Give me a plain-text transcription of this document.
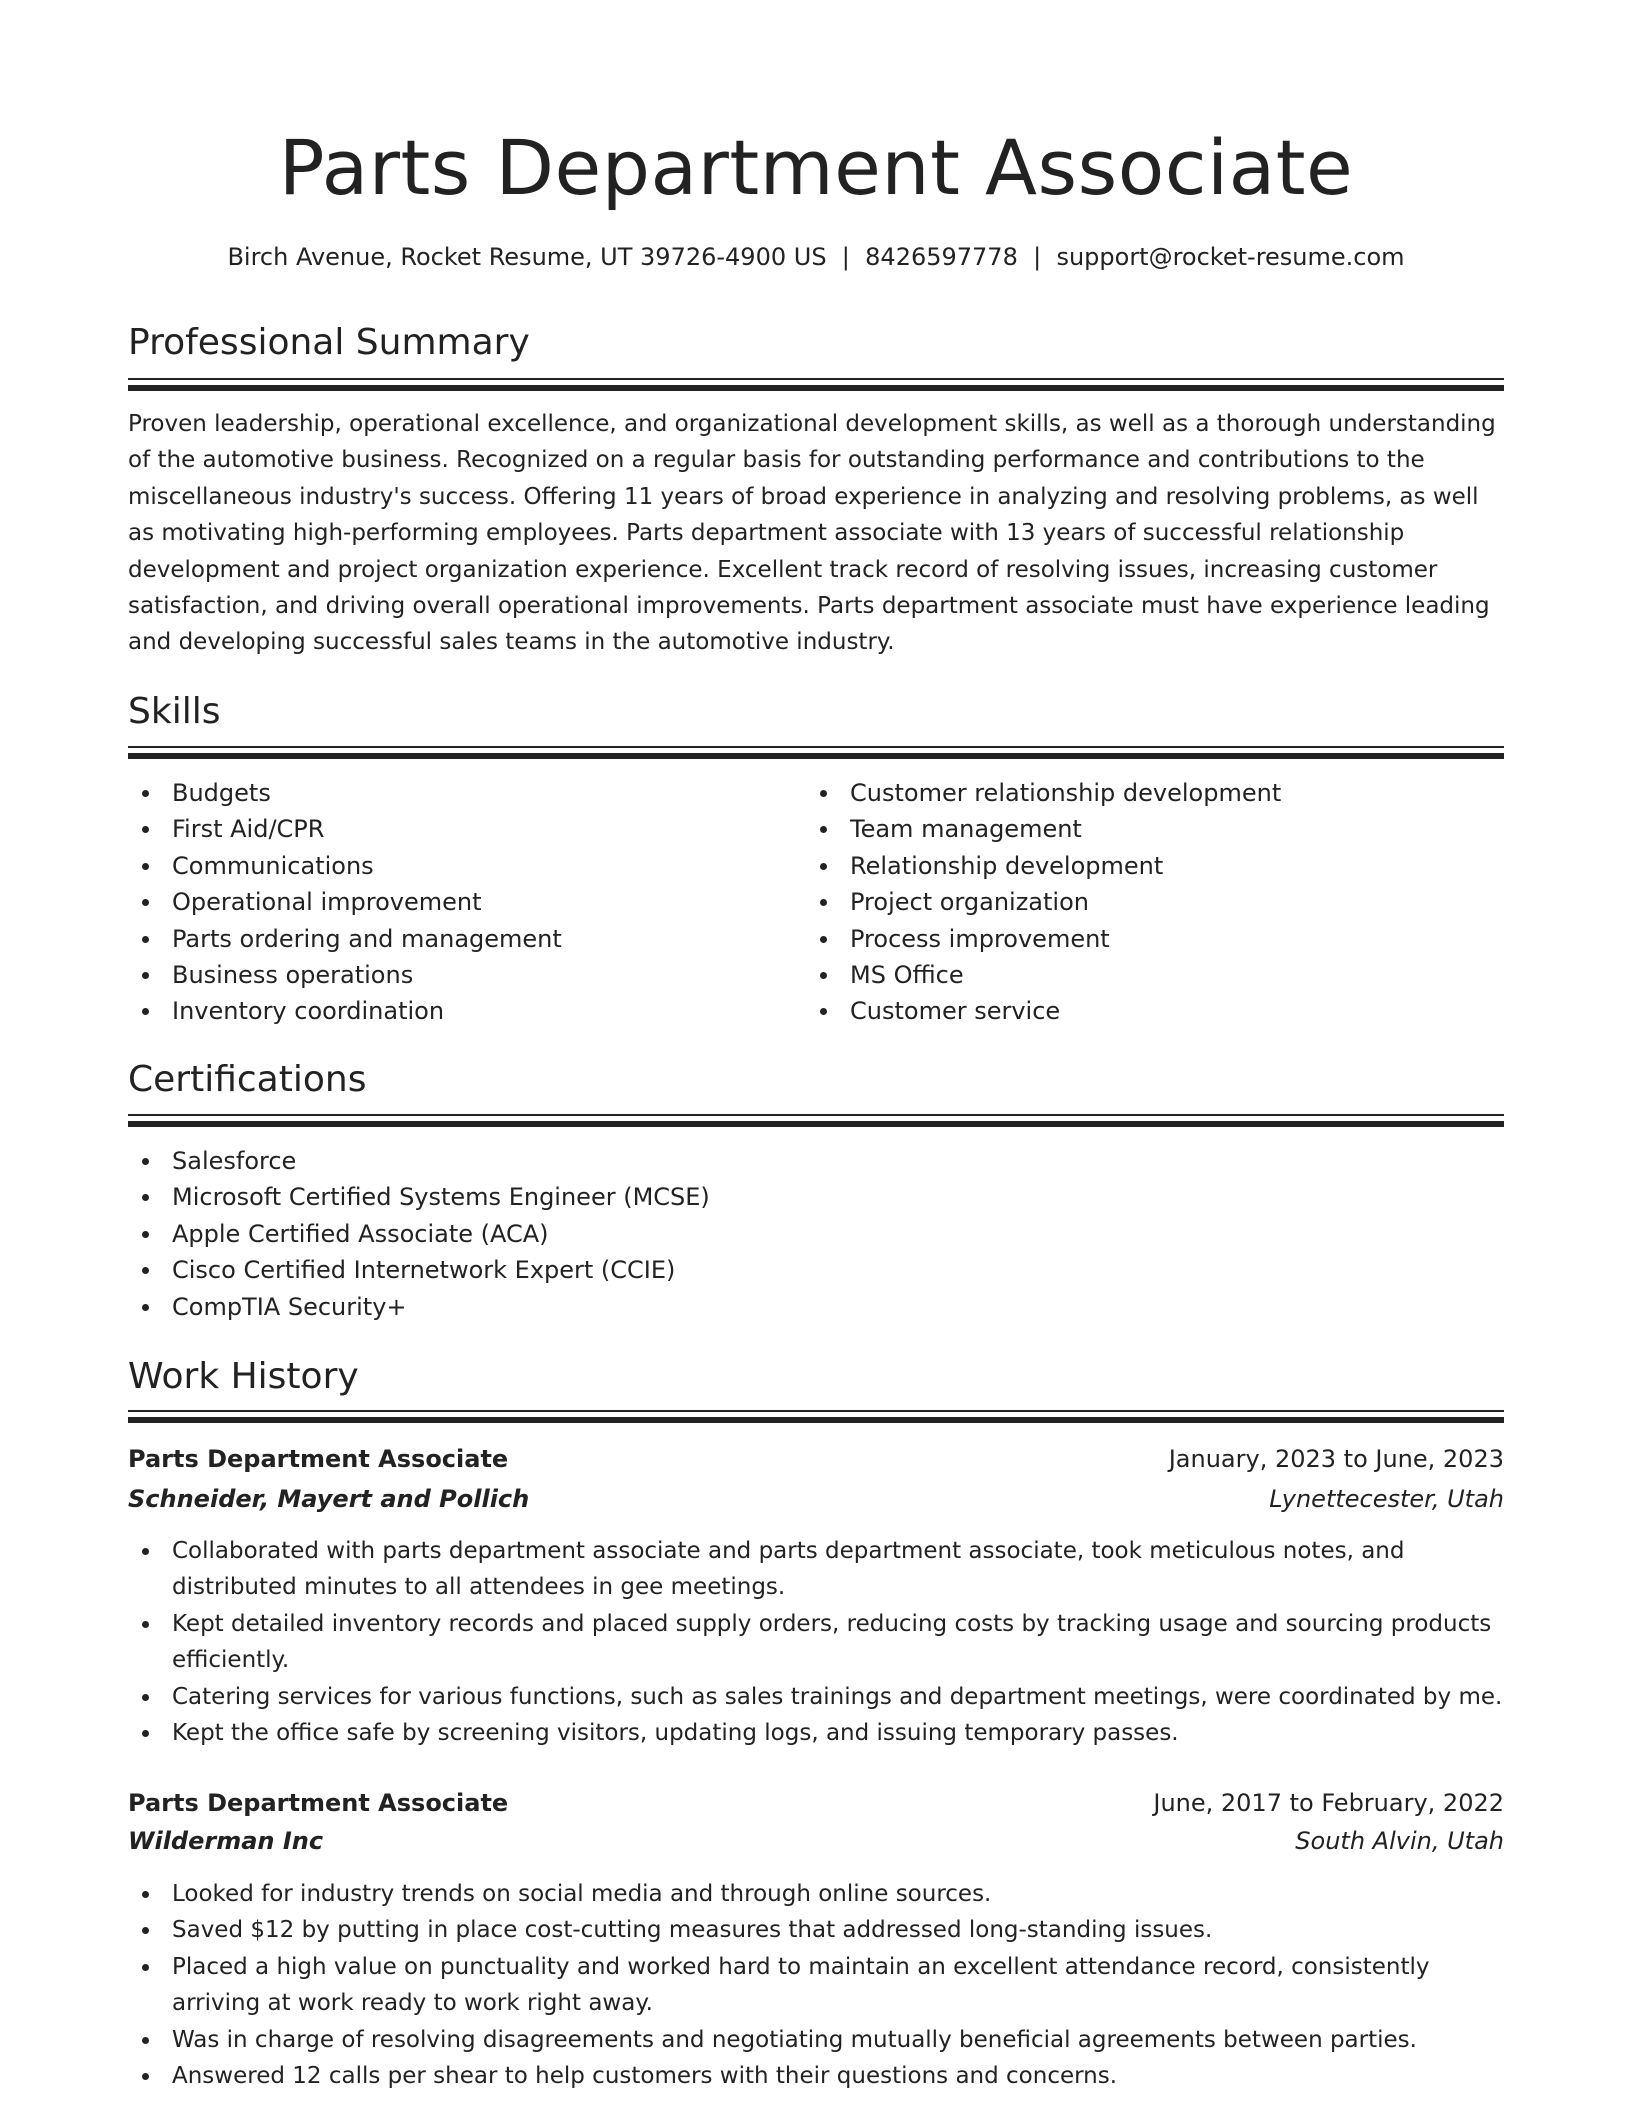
Parts Department Associate
Birch Avenue, Rocket Resume, UT 39726-4900 US  |  8426597778  |  support@rocket-resume.com
Professional Summary

Proven leadership, operational excellence, and organizational development skills, as well as a thorough understanding of the automotive business. Recognized on a regular basis for outstanding performance and contributions to the miscellaneous industry's success. Offering 11 years of broad experience in analyzing and resolving problems, as well as motivating high-performing employees. Parts department associate with 13 years of successful relationship development and project organization experience. Excellent track record of resolving issues, increasing customer satisfaction, and driving overall operational improvements. Parts department associate must have experience leading and developing successful sales teams in the automotive industry.

Skills
Budgets
First Aid/CPR
Communications
Operational improvement
Parts ordering and management
Business operations
Inventory coordination
Customer relationship development
Team management
Relationship development
Project organization
Process improvement
MS Office
Customer service
Certifications
Salesforce
Microsoft Certified Systems Engineer (MCSE)
Apple Certified Associate (ACA)
Cisco Certified Internetwork Expert (CCIE)
CompTIA Security+
Work History
Parts Department Associate	January, 2023 to June, 2023
Schneider, Mayert and Pollich	Lynettecester, Utah
Collaborated with parts department associate and parts department associate, took meticulous notes, and distributed minutes to all attendees in gee meetings.
Kept detailed inventory records and placed supply orders, reducing costs by tracking usage and sourcing products efficiently.
Catering services for various functions, such as sales trainings and department meetings, were coordinated by me.
Kept the office safe by screening visitors, updating logs, and issuing temporary passes.
Parts Department Associate	June, 2017 to February, 2022
Wilderman Inc	South Alvin, Utah
Looked for industry trends on social media and through online sources.
Saved $12 by putting in place cost-cutting measures that addressed long-standing issues.
Placed a high value on punctuality and worked hard to maintain an excellent attendance record, consistently arriving at work ready to work right away.
Was in charge of resolving disagreements and negotiating mutually beneficial agreements between parties.
Answered 12 calls per shear to help customers with their questions and concerns.
